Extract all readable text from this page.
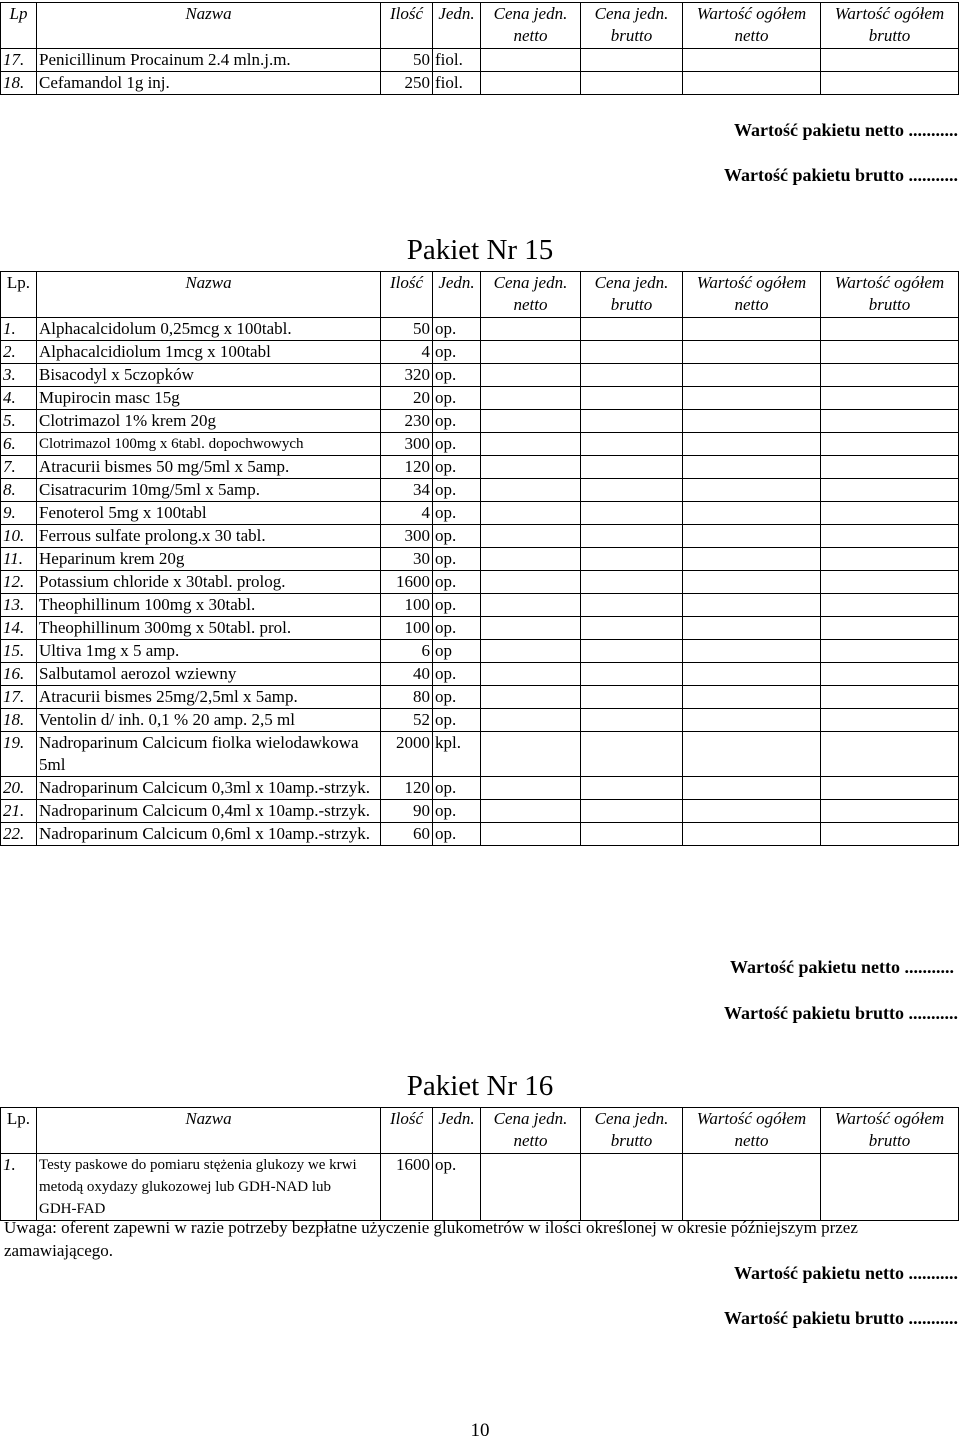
Lp	Nazwa	Ilość	Jedn.	Cena jedn. netto	Cena jedn. brutto	Wartość ogółem netto	Wartość ogółem brutto
17.	Penicillinum Procainum 2.4 mln.j.m.	50	fiol.				
18.	Cefamandol 1g inj.	250	fiol.				
Wartość pakietu netto ...........
Wartość pakietu brutto ...........
Pakiet Nr 15
Lp.	Nazwa	Ilość	Jedn.	Cena jedn. netto	Cena jedn. brutto	Wartość ogółem netto	Wartość ogółem brutto
1.	Alphacalcidolum 0,25mcg x 100tabl.	50	op.				
2.	Alphacalcidiolum 1mcg x 100tabl	4	op.				
3.	Bisacodyl x 5czopków	320	op.				
4.	Mupirocin masc 15g	20	op.				
5.	Clotrimazol 1% krem 20g	230	op.				
6.	Clotrimazol 100mg x 6tabl. dopochwowych	300	op.				
7.	Atracurii bismes 50 mg/5ml x 5amp.	120	op.				
8.	Cisatracurim 10mg/5ml x 5amp.	34	op.				
9.	Fenoterol 5mg x 100tabl	4	op.				
10.	Ferrous sulfate prolong.x 30 tabl.	300	op.				
11.	Heparinum krem 20g	30	op.				
12.	Potassium chloride x 30tabl. prolog.	1600	op.				
13.	Theophillinum 100mg x 30tabl.	100	op.				
14.	Theophillinum 300mg x 50tabl. prol.	100	op.				
15.	Ultiva 1mg x 5 amp.	6	op				
16.	Salbutamol aerozol wziewny	40	op.				
17.	Atracurii bismes 25mg/2,5ml x 5amp.	80	op.				
18.	Ventolin d/ inh. 0,1 % 20 amp. 2,5 ml	52	op.				
19.	Nadroparinum Calcicum fiolka wielodawkowa 5ml	2000	kpl.				
20.	Nadroparinum Calcicum 0,3ml x 10amp.-strzyk.	120	op.				
21.	Nadroparinum Calcicum 0,4ml x 10amp.-strzyk.	90	op.				
22.	Nadroparinum Calcicum 0,6ml x 10amp.-strzyk.	60	op.				
Wartość pakietu netto ...........
Wartość pakietu brutto ...........
Pakiet Nr 16
Lp.	Nazwa	Ilość	Jedn.	Cena jedn. netto	Cena jedn. brutto	Wartość ogółem netto	Wartość ogółem brutto
1.	Testy paskowe do pomiaru stężenia glukozy we krwi metodą oxydazy glukozowej lub GDH-NAD lub GDH-FAD	1600	op.				
Uwaga: oferent zapewni w razie potrzeby bezpłatne użyczenie glukometrów w ilości określonej w okresie późniejszym przez zamawiającego.
Wartość pakietu netto ...........
Wartość pakietu brutto ...........
10
